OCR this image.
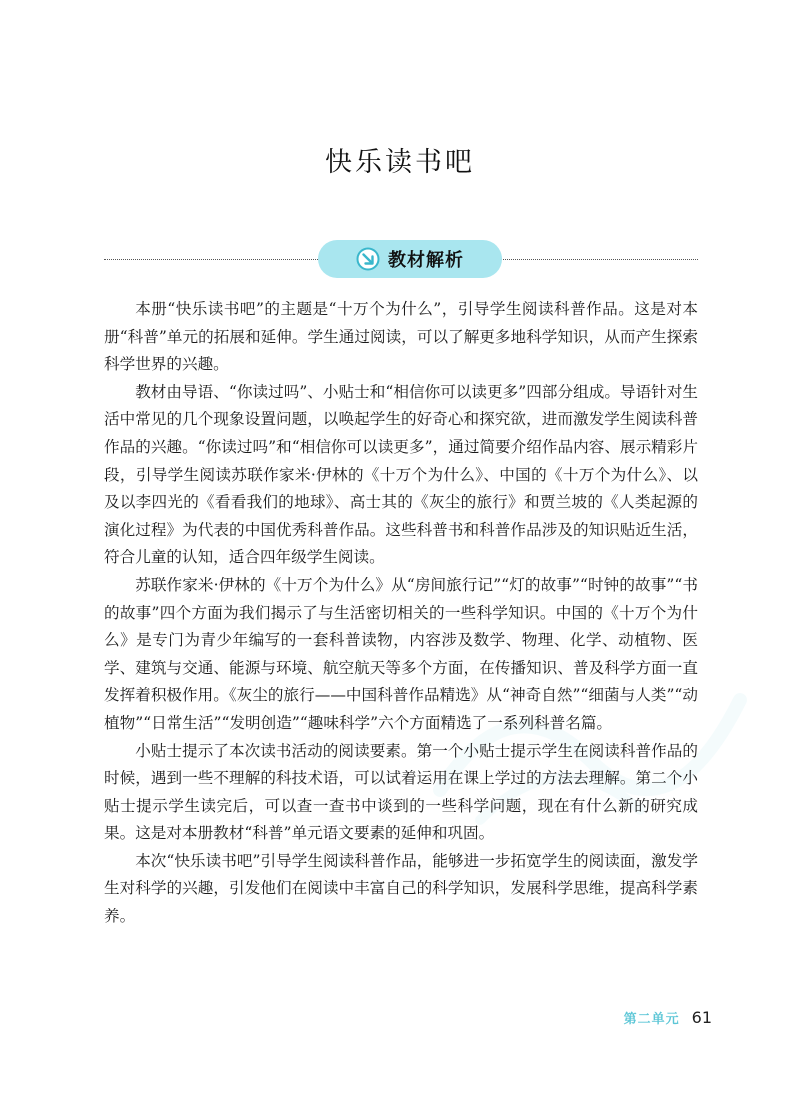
快乐读书吧
教材解析

本册“快乐读书吧”的主题是“十万个为什么”，引导学生阅读科普作品。这是对本册“科普”单元的拓展和延伸。学生通过阅读，可以了解更多地科学知识，从而产生探索科学世界的兴趣。

教材由导语、“你读过吗”、小贴士和“相信你可以读更多”四部分组成。导语针对生活中常见的几个现象设置问题，以唤起学生的好奇心和探究欲，进而激发学生阅读科普作品的兴趣。“你读过吗”和“相信你可以读更多”，通过简要介绍作品内容、展示精彩片段，引导学生阅读苏联作家米·伊林的《十万个为什么》、中国的《十万个为什么》、以及以李四光的《看看我们的地球》、高士其的《灰尘的旅行》和贾兰坡的《人类起源的演化过程》为代表的中国优秀科普作品。这些科普书和科普作品涉及的知识贴近生活，符合儿童的认知，适合四年级学生阅读。

苏联作家米·伊林的《十万个为什么》从“房间旅行记”“灯的故事”“时钟的故事”“书的故事”四个方面为我们揭示了与生活密切相关的一些科学知识。中国的《十万个为什么》是专门为青少年编写的一套科普读物，内容涉及数学、物理、化学、动植物、医学、建筑与交通、能源与环境、航空航天等多个方面，在传播知识、普及科学方面一直发挥着积极作用。《灰尘的旅行——中国科普作品精选》从“神奇自然”“细菌与人类”“动植物”“日常生活”“发明创造”“趣味科学”六个方面精选了一系列科普名篇。

小贴士提示了本次读书活动的阅读要素。第一个小贴士提示学生在阅读科普作品的时候，遇到一些不理解的科技术语，可以试着运用在课上学过的方法去理解。第二个小贴士提示学生读完后，可以查一查书中谈到的一些科学问题，现在有什么新的研究成果。这是对本册教材“科普”单元语文要素的延伸和巩固。

本次“快乐读书吧”引导学生阅读科普作品，能够进一步拓宽学生的阅读面，激发学生对科学的兴趣，引发他们在阅读中丰富自己的科学知识，发展科学思维，提高科学素养。

第二单元 61
